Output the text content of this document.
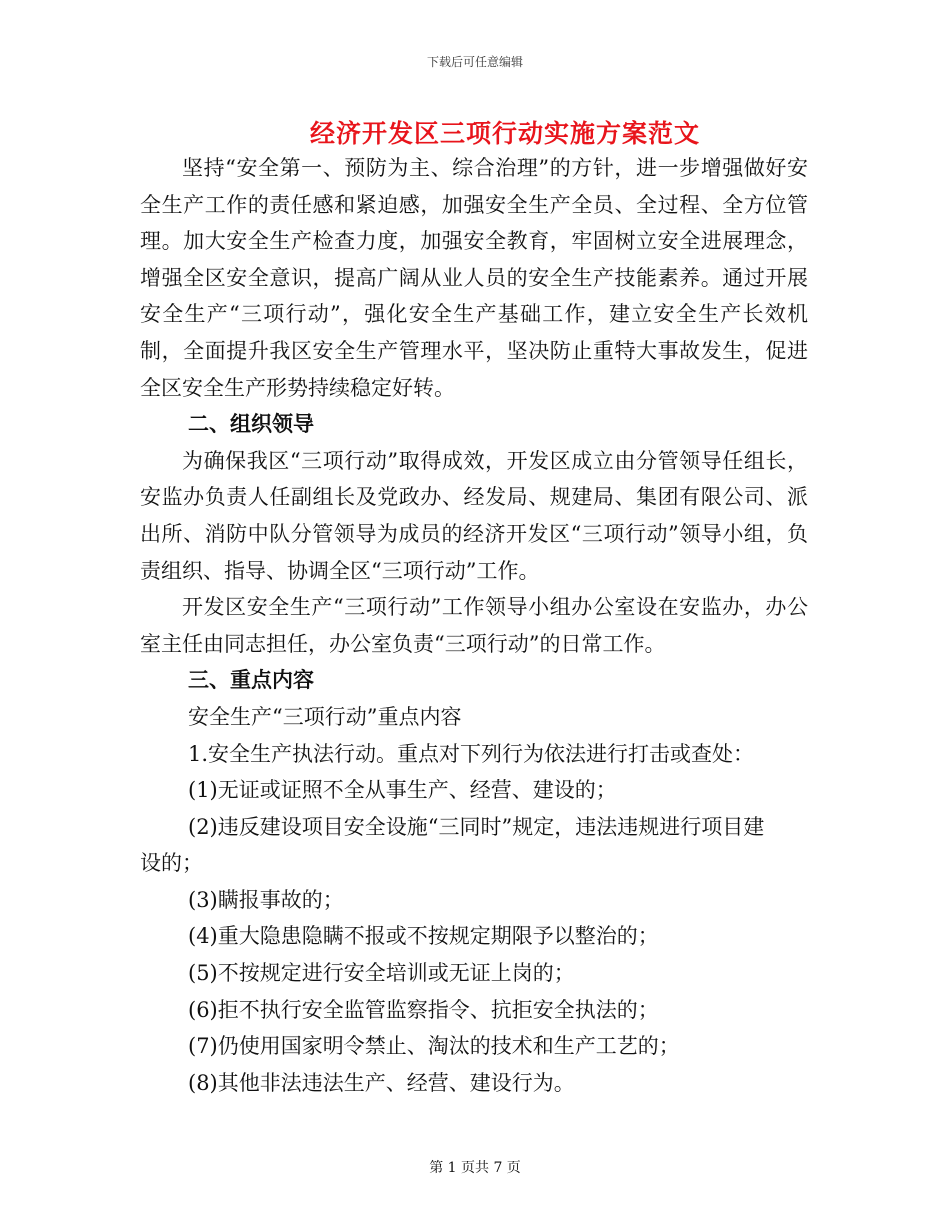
下载后可任意编辑
经济开发区三项行动实施方案范文

坚持“安全第一、预防为主、综合治理”的方针，进一步增强做好安全生产工作的责任感和紧迫感，加强安全生产全员、全过程、全方位管理。加大安全生产检查力度，加强安全教育，牢固树立安全进展理念，增强全区安全意识，提高广阔从业人员的安全生产技能素养。通过开展安全生产“三项行动”，强化安全生产基础工作，建立安全生产长效机制，全面提升我区安全生产管理水平，坚决防止重特大事故发生，促进全区安全生产形势持续稳定好转。

二、组织领导

为确保我区“三项行动”取得成效，开发区成立由分管领导任组长，安监办负责人任副组长及党政办、经发局、规建局、集团有限公司、派出所、消防中队分管领导为成员的经济开发区“三项行动”领导小组，负责组织、指导、协调全区“三项行动”工作。

开发区安全生产“三项行动”工作领导小组办公室设在安监办，办公室主任由同志担任，办公室负责“三项行动”的日常工作。

三、重点内容

安全生产“三项行动”重点内容

1.安全生产执法行动。重点对下列行为依法进行打击或查处：

(1)无证或证照不全从事生产、经营、建设的；

(2)违反建设项目安全设施“三同时”规定，违法违规进行项目建

设的；

(3)瞒报事故的；

(4)重大隐患隐瞒不报或不按规定期限予以整治的；

(5)不按规定进行安全培训或无证上岗的；

(6)拒不执行安全监管监察指令、抗拒安全执法的；

(7)仍使用国家明令禁止、淘汰的技术和生产工艺的；

(8)其他非法违法生产、经营、建设行为。

第 1 页共 7 页
